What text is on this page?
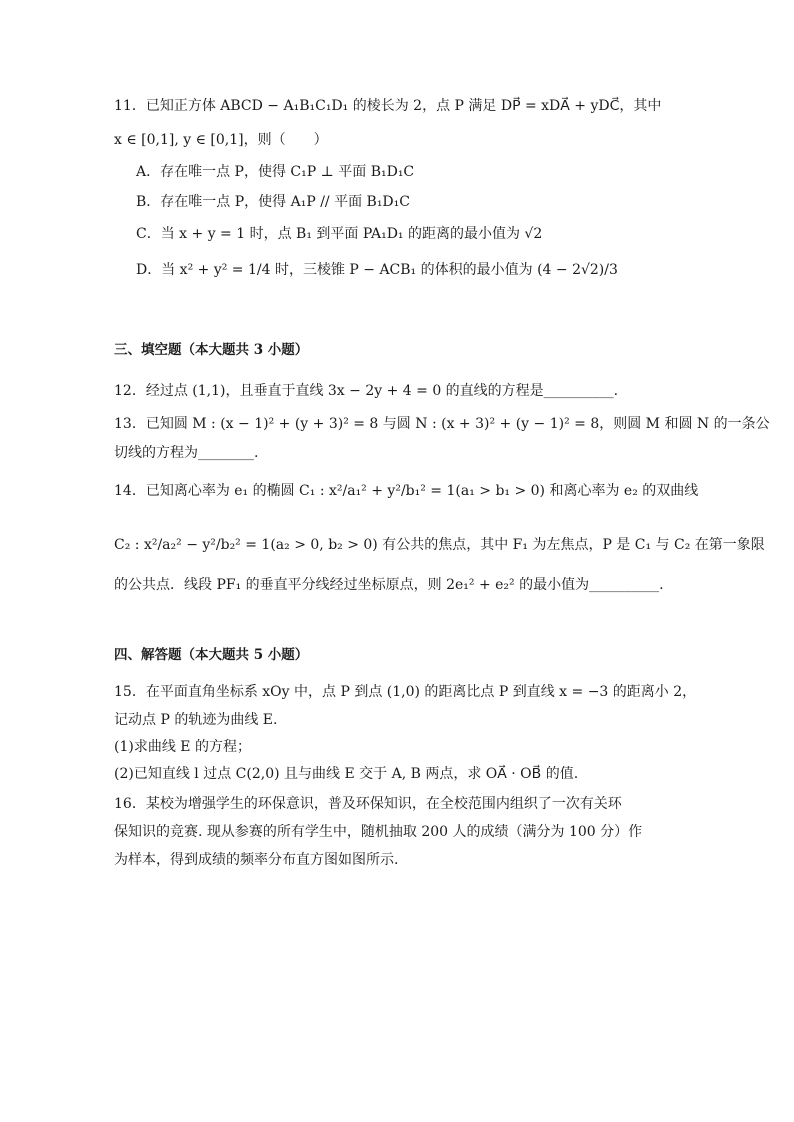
11．已知正方体 ABCD − A₁B₁C₁D₁ 的棱长为 2，点 P 满足 DP⃗ = xDA⃗ + yDC⃗，其中
x ∈ [0,1], y ∈ [0,1]，则（　　）
A．存在唯一点 P，使得 C₁P ⊥ 平面 B₁D₁C
B．存在唯一点 P，使得 A₁P // 平面 B₁D₁C
C．当 x + y = 1 时，点 B₁ 到平面 PA₁D₁ 的距离的最小值为 √2
D．当 x² + y² = 1/4 时，三棱锥 P − ACB₁ 的体积的最小值为 (4 − 2√2)/3
三、填空题（本大题共 3 小题）
12．经过点 (1,1)，且垂直于直线 3x − 2y + 4 = 0 的直线的方程是__________.
13．已知圆 M : (x − 1)² + (y + 3)² = 8 与圆 N : (x + 3)² + (y − 1)² = 8，则圆 M 和圆 N 的一条公
切线的方程为________.
14．已知离心率为 e₁ 的椭圆 C₁ : x²/a₁² + y²/b₁² = 1(a₁ > b₁ > 0) 和离心率为 e₂ 的双曲线
C₂ : x²/a₂² − y²/b₂² = 1(a₂ > 0, b₂ > 0) 有公共的焦点，其中 F₁ 为左焦点，P 是 C₁ 与 C₂ 在第一象限
的公共点．线段 PF₁ 的垂直平分线经过坐标原点，则 2e₁² + e₂² 的最小值为__________.
四、解答题（本大题共 5 小题）
15．在平面直角坐标系 xOy 中，点 P 到点 (1,0) 的距离比点 P 到直线 x = −3 的距离小 2，
记动点 P 的轨迹为曲线 E.
(1)求曲线 E 的方程；
(2)已知直线 l 过点 C(2,0) 且与曲线 E 交于 A, B 两点，求 OA⃗ · OB⃗ 的值.
16．某校为增强学生的环保意识，普及环保知识，在全校范围内组织了一次有关环
保知识的竞赛. 现从参赛的所有学生中，随机抽取 200 人的成绩（满分为 100 分）作
为样本，得到成绩的频率分布直方图如图所示.
